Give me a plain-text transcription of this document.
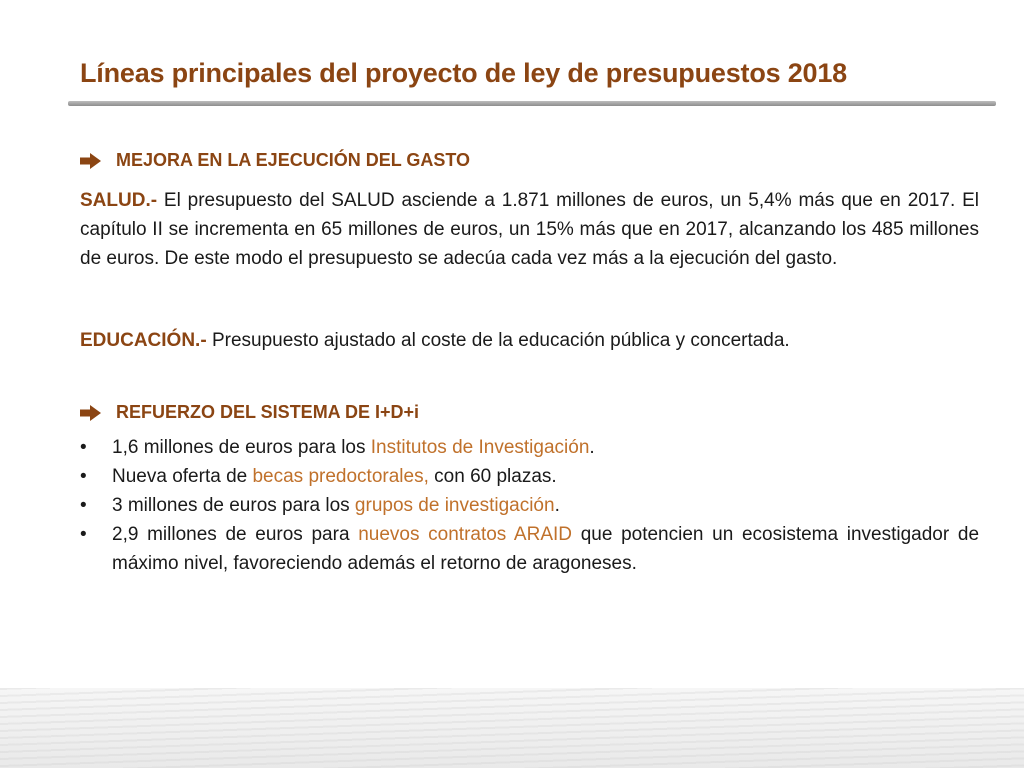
Líneas principales del proyecto de ley de presupuestos 2018
MEJORA EN LA EJECUCIÓN DEL GASTO

SALUD.- El presupuesto del SALUD asciende a 1.871 millones de euros, un 5,4% más que en 2017. El capítulo II se incrementa en 65 millones de euros, un 15% más que en 2017, alcanzando los 485 millones de euros. De este modo el presupuesto se adecúa cada vez más a la ejecución del gasto.

EDUCACIÓN.- Presupuesto ajustado al coste de la educación pública y concertada.

REFUERZO DEL SISTEMA DE I+D+i
• 1,6 millones de euros para los Institutos de Investigación.
• Nueva oferta de becas predoctorales, con 60 plazas.
• 3 millones de euros para los grupos de investigación.
• 2,9 millones de euros para nuevos contratos ARAID que potencien un ecosistema investigador de máximo nivel, favoreciendo además el retorno de aragoneses.
